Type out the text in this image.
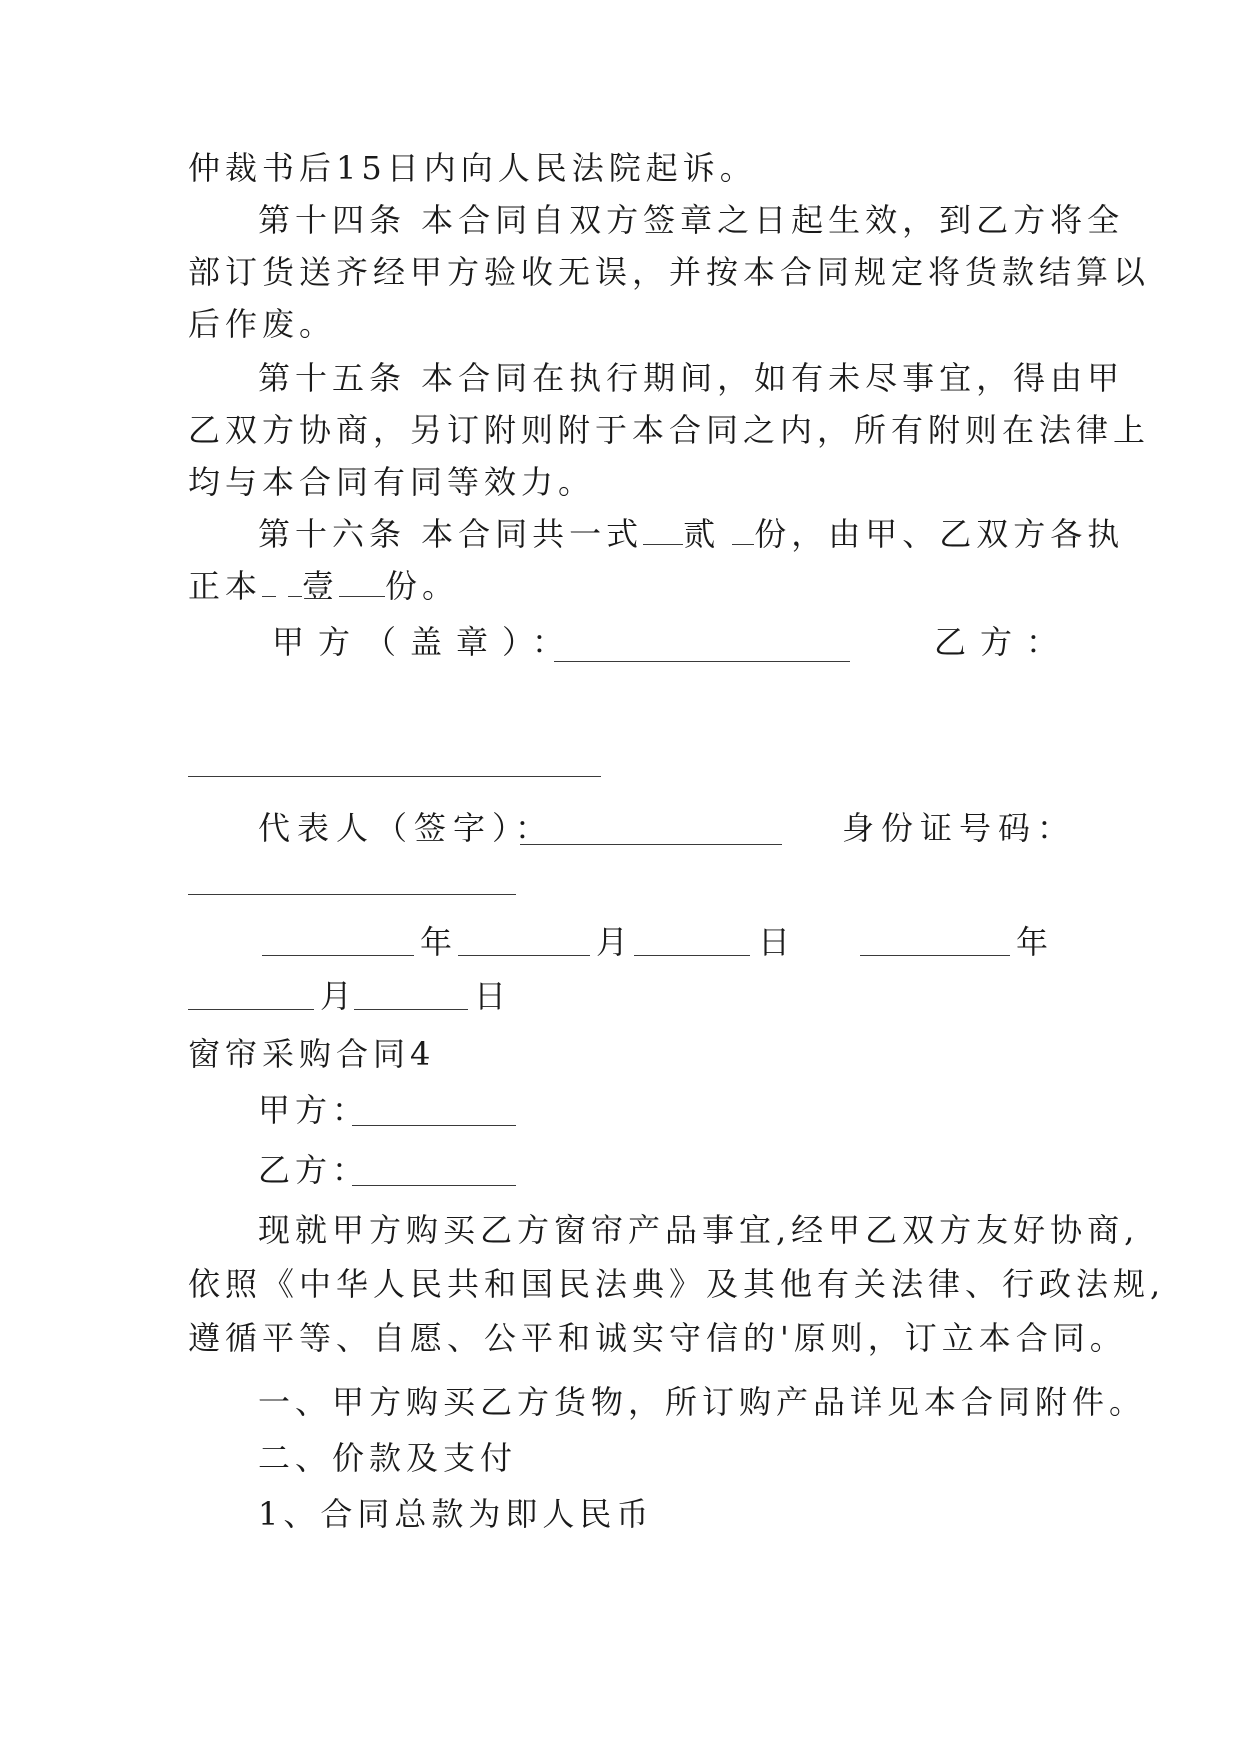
仲裁书后15日内向人民法院起诉。
第十四条 本合同自双方签章之日起生效，到乙方将全
部订货送齐经甲方验收无误，并按本合同规定将货款结算以
后作废。
第十五条 本合同在执行期间，如有未尽事宜，得由甲
乙双方协商，另订附则附于本合同之内，所有附则在法律上
均与本合同有同等效力。
第十六条 本合同共一式 贰 份，由甲、乙双方各执
正本 壹 份。
甲方（盖章）：	乙方：
代表人（签字）：	身份证号码：
年	月	日	年
月	日
窗帘采购合同4
甲方：
乙方：
现就甲方购买乙方窗帘产品事宜,经甲乙双方友好协商,
依照《中华人民共和国民法典》及其他有关法律、行政法规,
遵循平等、自愿、公平和诚实守信的'原则，订立本合同。
一、甲方购买乙方货物，所订购产品详见本合同附件。
二、价款及支付
1、合同总款为即人民币
